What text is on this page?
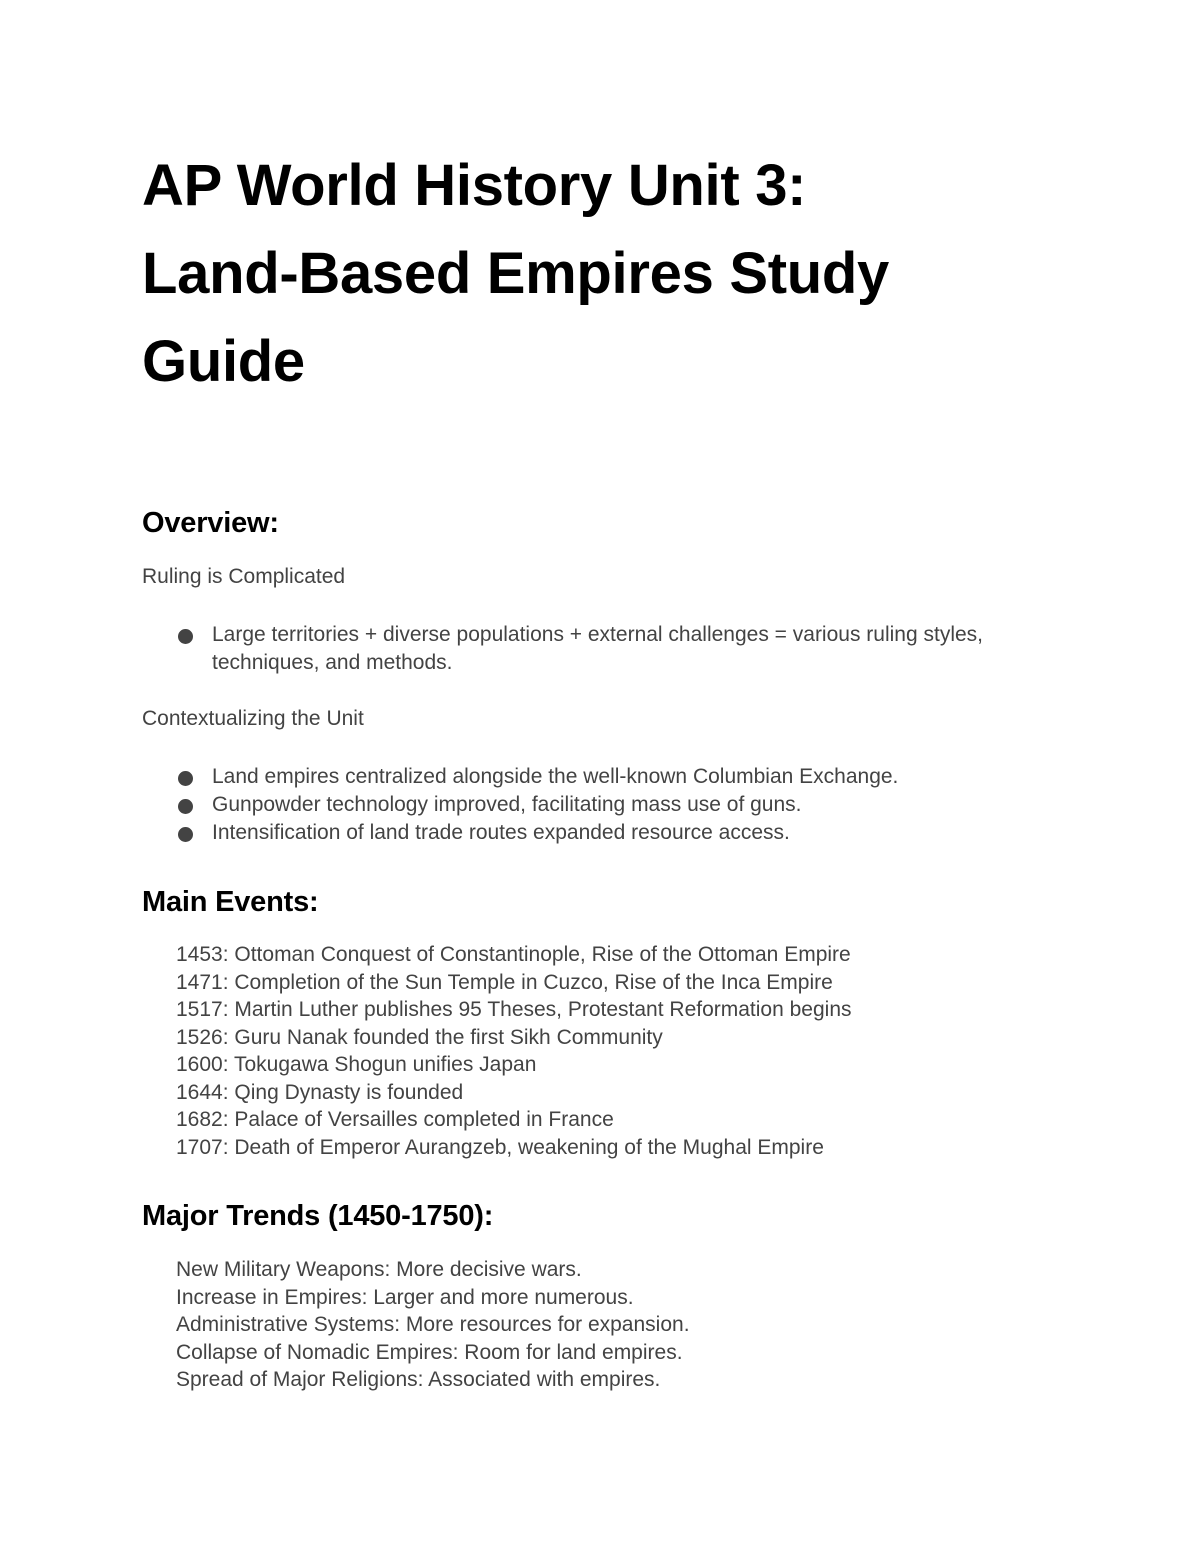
AP World History Unit 3:
Land-Based Empires Study
Guide
Overview:

Ruling is Complicated

Large territories + diverse populations + external challenges = various ruling styles, techniques, and methods.

Contextualizing the Unit

Land empires centralized alongside the well-known Columbian Exchange.
Gunpowder technology improved, facilitating mass use of guns.
Intensification of land trade routes expanded resource access.
Main Events:
1453: Ottoman Conquest of Constantinople, Rise of the Ottoman Empire
1471: Completion of the Sun Temple in Cuzco, Rise of the Inca Empire
1517: Martin Luther publishes 95 Theses, Protestant Reformation begins
1526: Guru Nanak founded the first Sikh Community
1600: Tokugawa Shogun unifies Japan
1644: Qing Dynasty is founded
1682: Palace of Versailles completed in France
1707: Death of Emperor Aurangzeb, weakening of the Mughal Empire
Major Trends (1450-1750):
New Military Weapons: More decisive wars.
Increase in Empires: Larger and more numerous.
Administrative Systems: More resources for expansion.
Collapse of Nomadic Empires: Room for land empires.
Spread of Major Religions: Associated with empires.
